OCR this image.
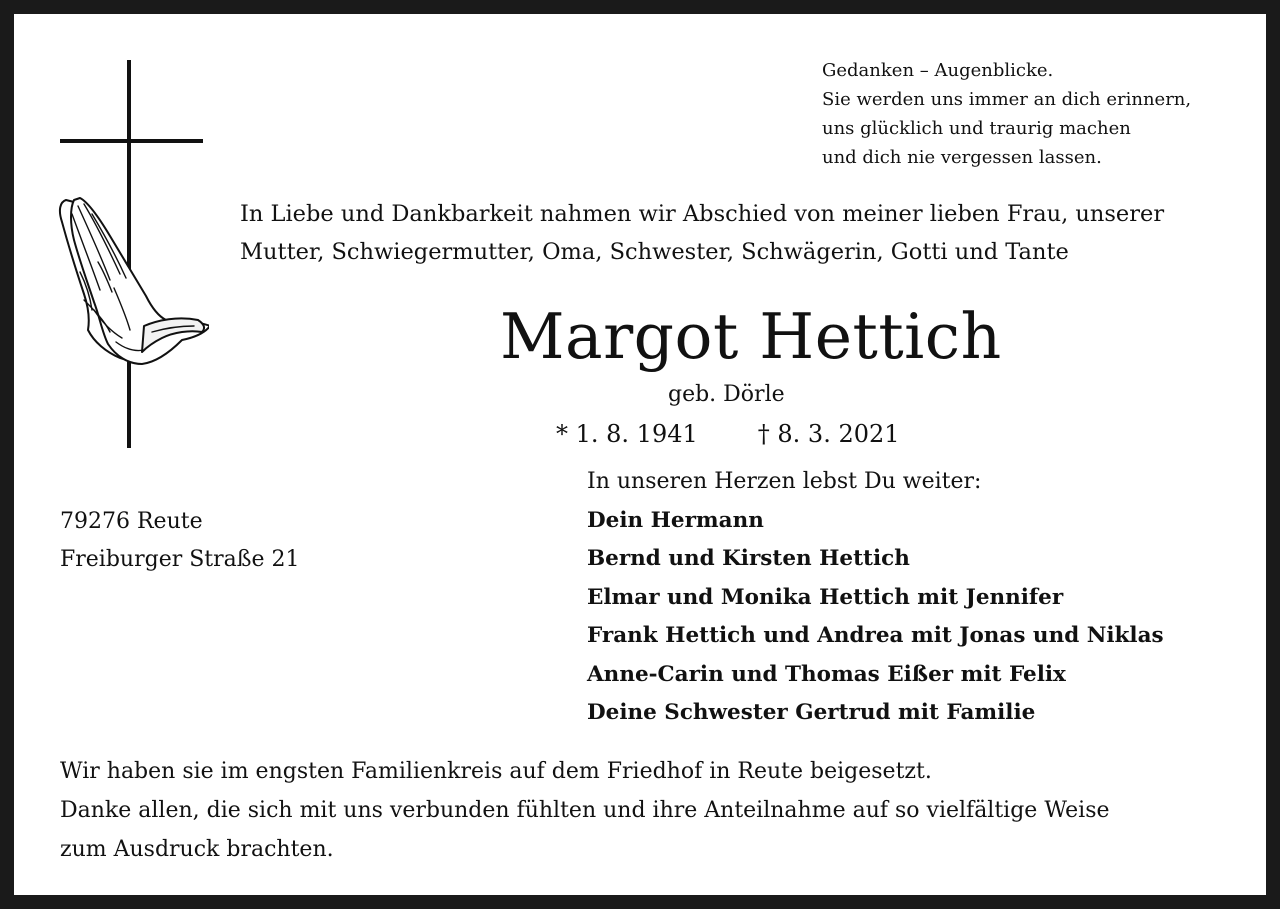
Gedanken – Augenblicke.
Sie werden uns immer an dich erinnern,
uns glücklich und traurig machen
und dich nie vergessen lassen.
In Liebe und Dankbarkeit nahmen wir Abschied von meiner lieben Frau, unserer
Mutter, Schwiegermutter, Oma, Schwester, Schwägerin, Gotti und Tante
Margot Hettich
geb. Dörle
* 1. 8. 1941	† 8. 3. 2021
79276 Reute
Freiburger Straße 21
In unseren Herzen lebst Du weiter:
Dein Hermann
Bernd und Kirsten Hettich
Elmar und Monika Hettich mit Jennifer
Frank Hettich und Andrea mit Jonas und Niklas
Anne-Carin und Thomas Eißer mit Felix
Deine Schwester Gertrud mit Familie
Wir haben sie im engsten Familienkreis auf dem Friedhof in Reute beigesetzt.
Danke allen, die sich mit uns verbunden fühlten und ihre Anteilnahme auf so vielfältige Weise
zum Ausdruck brachten.
